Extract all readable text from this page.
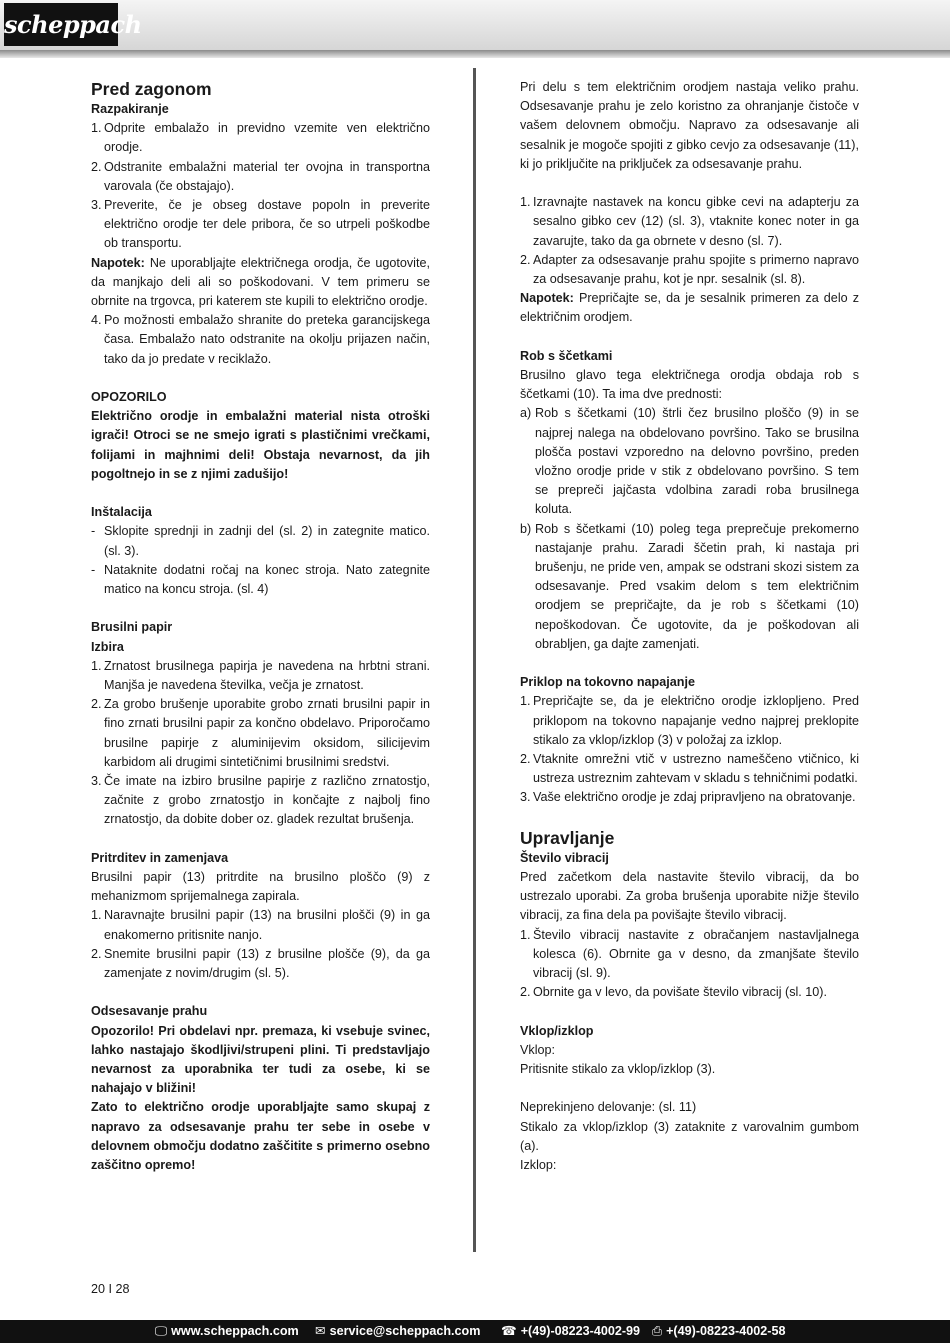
scheppach
Pred zagonom
Razpakiranje
1. Odprite embalažo in previdno vzemite ven električno orodje.
2. Odstranite embalažni material ter ovojna in transportna varovala (če obstajajo).
3. Preverite, če je obseg dostave popoln in preverite električno orodje ter dele pribora, če so utrpeli poškodbe ob transportu.

Napotek: Ne uporabljajte električnega orodja, če ugotovite, da manjkajo deli ali so poškodovani. V tem primeru se obrnite na trgovca, pri katerem ste kupili to električno orodje.

4. Po možnosti embalažo shranite do preteka garancijskega časa. Embalažo nato odstranite na okolju prijazen način, tako da jo predate v reciklažo.
OPOZORILO

Električno orodje in embalažni material nista otroški igrači! Otroci se ne smejo igrati s plastičnimi vrečkami, folijami in majhnimi deli! Obstaja nevarnost, da jih pogoltnejo in se z njimi zadušijo!

Inštalacija
- Sklopite sprednji in zadnji del (sl. 2) in zategnite matico. (sl. 3).
- Nataknite dodatni ročaj na konec stroja. Nato zategnite matico na koncu stroja. (sl. 4)
Brusilni papir
Izbira
1. Zrnatost brusilnega papirja je navedena na hrbtni strani. Manjša je navedena številka, večja je zrnatost.
2. Za grobo brušenje uporabite grobo zrnati brusilni papir in fino zrnati brusilni papir za končno obdelavo. Priporočamo brusilne papirje z aluminijevim oksidom, silicijevim karbidom ali drugimi sintetičnimi brusilnimi sredstvi.
3. Če imate na izbiro brusilne papirje z različno zrnatostjo, začnite z grobo zrnatostjo in končajte z najbolj fino zrnatostjo, da dobite dober oz. gladek rezultat brušenja.
Pritrditev in zamenjava

Brusilni papir (13) pritrdite na brusilno ploščo (9) z mehanizmom sprijemalnega zapirala.

1. Naravnajte brusilni papir (13) na brusilni plošči (9) in ga enakomerno pritisnite nanjo.
2. Snemite brusilni papir (13) z brusilne plošče (9), da ga zamenjate z novim/drugim (sl. 5).
Odsesavanje prahu

Opozorilo! Pri obdelavi npr. premaza, ki vsebuje svinec, lahko nastajajo škodljivi/strupeni plini. Ti predstavljajo nevarnost za uporabnika ter tudi za osebe, ki se nahajajo v bližini!

Zato to električno orodje uporabljajte samo skupaj z napravo za odsesavanje prahu ter sebe in osebe v delovnem območju dodatno zaščitite s primerno osebno zaščitno opremo!

Pri delu s tem električnim orodjem nastaja veliko prahu. Odsesavanje prahu je zelo koristno za ohranjanje čistoče v vašem delovnem območju. Napravo za odsesavanje ali sesalnik je mogoče spojiti z gibko cevjo za odsesavanje (11), ki jo priključite na priključek za odsesavanje prahu.

1. Izravnajte nastavek na koncu gibke cevi na adapterju za sesalno gibko cev (12) (sl. 3), vtaknite konec noter in ga zavarujte, tako da ga obrnete v desno (sl. 7).
2. Adapter za odsesavanje prahu spojite s primerno napravo za odsesavanje prahu, kot je npr. sesalnik (sl. 8).

Napotek: Prepričajte se, da je sesalnik primeren za delo z električnim orodjem.

Rob s ščetkami

Brusilno glavo tega električnega orodja obdaja rob s ščetkami (10). Ta ima dve prednosti:

a) Rob s ščetkami (10) štrli čez brusilno ploščo (9) in se najprej nalega na obdelovano površino. Tako se brusilna plošča postavi vzporedno na delovno površino, preden vložno orodje pride v stik z obdelovano površino. S tem se prepreči jajčasta vdolbina zaradi roba brusilnega koluta.
b) Rob s ščetkami (10) poleg tega preprečuje prekomerno nastajanje prahu. Zaradi ščetin prah, ki nastaja pri brušenju, ne pride ven, ampak se odstrani skozi sistem za odsesavanje. Pred vsakim delom s tem električnim orodjem se prepričajte, da je rob s ščetkami (10) nepoškodovan. Če ugotovite, da je poškodovan ali obrabljen, ga dajte zamenjati.
Priklop na tokovno napajanje
1. Prepričajte se, da je električno orodje izklopljeno. Pred priklopom na tokovno napajanje vedno najprej preklopite stikalo za vklop/izklop (3) v položaj za izklop.
2. Vtaknite omrežni vtič v ustrezno nameščeno vtičnico, ki ustreza ustreznim zahtevam v skladu s tehničnimi podatki.
3. Vaše električno orodje je zdaj pripravljeno na obratovanje.
Upravljanje
Število vibracij

Pred začetkom dela nastavite število vibracij, da bo ustrezalo uporabi. Za groba brušenja uporabite nižje število vibracij, za fina dela pa povišajte število vibracij.

1. Število vibracij nastavite z obračanjem nastavljalnega kolesca (6). Obrnite ga v desno, da zmanjšate število vibracij (sl. 9).
2. Obrnite ga v levo, da povišate število vibracij (sl. 10).
Vklop/izklop
Vklop:
Pritisnite stikalo za vklop/izklop (3).
Neprekinjeno delovanje: (sl. 11)

Stikalo za vklop/izklop (3) zataknite z varovalnim gumbom (a).

Izklop:
20 I 28
🖵 www.scheppach.com ✉ service@scheppach.com ☎ +(49)-08223-4002-99 ⎙ +(49)-08223-4002-58
